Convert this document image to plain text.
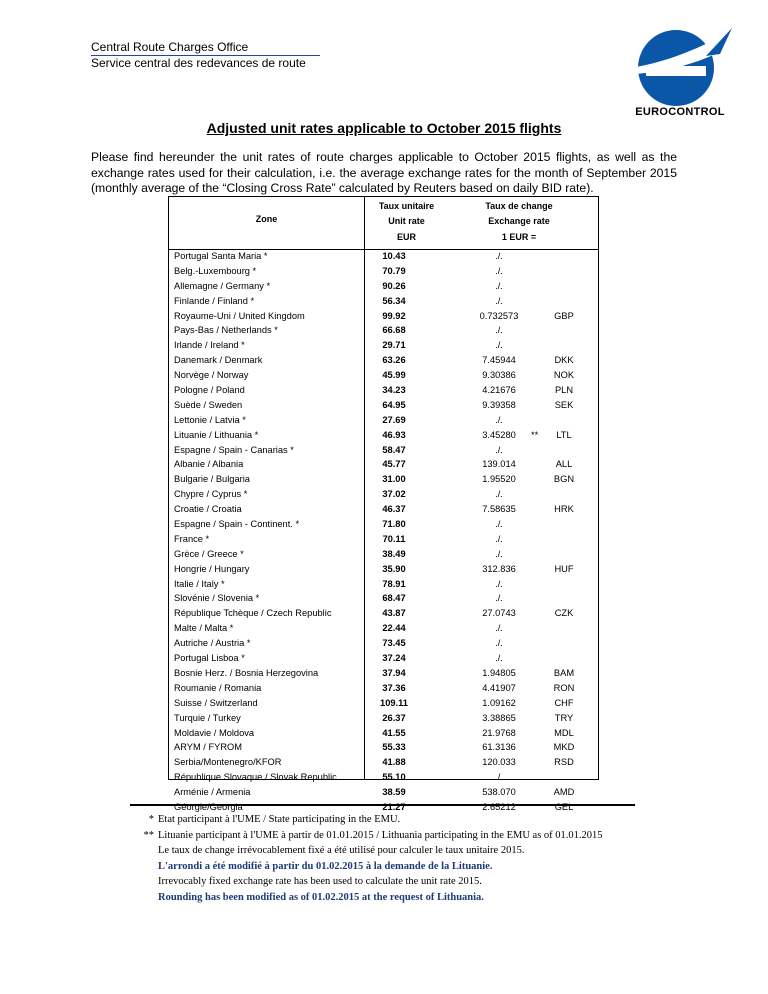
Central Route Charges Office
Service central des redevances de route
EUROCONTROL
Adjusted unit rates applicable to October 2015 flights
Please find hereunder the unit rates of route charges applicable to October 2015 flights, as well as the exchange rates used for their calculation, i.e. the average exchange rates for the month of September 2015 (monthly average of the “Closing Cross Rate” calculated by Reuters based on daily BID rate).
Zone
Taux unitaire
Unit rate
EUR
Taux de change
Exchange rate
1 EUR =
Portugal Santa Maria *	10.43	./.
Belg.-Luxembourg *	70.79	./.
Allemagne / Germany *	90.26	./.
Finlande / Finland *	56.34	./.
Royaume-Uni / United Kingdom	99.92	0.732573	GBP
Pays-Bas / Netherlands *	66.68	./.
Irlande / Ireland *	29.71	./.
Danemark / Denmark	63.26	7.45944	DKK
Norvège / Norway	45.99	9.30386	NOK
Pologne / Poland	34.23	4.21676	PLN
Suède / Sweden	64.95	9.39358	SEK
Lettonie / Latvia *	27.69	./.
Lituanie / Lithuania *	46.93	3.45280	**	LTL
Espagne / Spain - Canarias *	58.47	./.
Albanie / Albania	45.77	139.014	ALL
Bulgarie / Bulgaria	31.00	1.95520	BGN
Chypre / Cyprus *	37.02	./.
Croatie / Croatia	46.37	7.58635	HRK
Espagne / Spain - Continent. *	71.80	./.
France *	70.11	./.
Grèce / Greece *	38.49	./.
Hongrie / Hungary	35.90	312.836	HUF
Italie / Italy *	78.91	./.
Slovénie / Slovenia *	68.47	./.
République Tchèque / Czech Republic	43.87	27.0743	CZK
Malte / Malta *	22.44	./.
Autriche / Austria *	73.45	./.
Portugal Lisboa *	37.24	./.
Bosnie Herz. / Bosnia Herzegovina	37.94	1.94805	BAM
Roumanie / Romania	37.36	4.41907	RON
Suisse / Switzerland	109.11	1.09162	CHF
Turquie / Turkey	26.37	3.38865	TRY
Moldavie / Moldova	41.55	21.9768	MDL
ARYM / FYROM	55.33	61.3136	MKD
Serbia/Montenegro/KFOR	41.88	120.033	RSD
République Slovaque / Slovak Republic	55.10	./.
Arménie / Armenia	38.59	538.070	AMD
Géorgie/Georgia	21.27	2.65212	GEL
* Etat participant à l'UME / State participating in the EMU.
** Lituanie participant à l'UME à partir de 01.01.2015 / Lithuania participating in the EMU as of 01.01.2015
Le taux de change irrévocablement fixé a été utilisé pour calculer le taux unitaire 2015.
L'arrondi a été modifié à partir du 01.02.2015 à la demande de la Lituanie.
Irrevocably fixed exchange rate has been used to calculate the unit rate 2015.
Rounding has been modified as of 01.02.2015 at the request of Lithuania.
